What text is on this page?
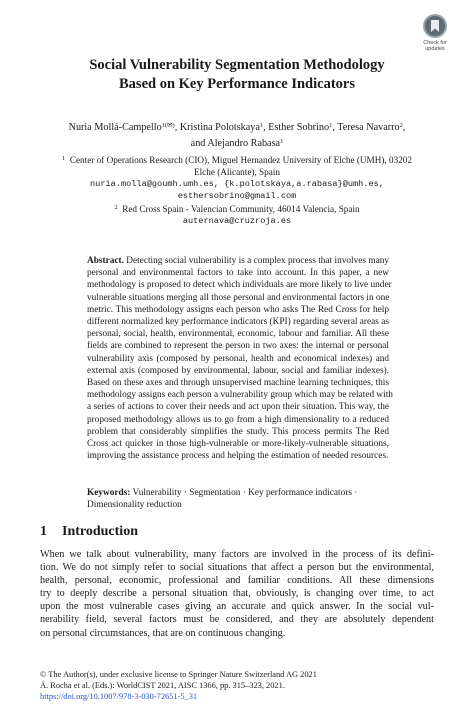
Check for
updates
Social Vulnerability Segmentation Methodology
Based on Key Performance Indicators
Nuria Mollá-Campello$^{1(✉)}$, Kristina Polotskaya$^1$, Esther Sobrino$^1$, Teresa Navarro$^2$,
and Alejandro Rabasa$^1$
$^1$ Center of Operations Research (CIO), Miguel Hernandez University of Elche (UMH), 03202
Elche (Alicante), Spain
nuria.molla@goumh.umh.es, {k.polotskaya,a.rabasa}@umh.es,
esthersobrino@gmail.com
$^2$ Red Cross Spain - Valencian Community, 46014 Valencia, Spain
auternava@cruzroja.es
Abstract. Detecting social vulnerability is a complex process that involves many
personal and environmental factors to take into account. In this paper, a new
methodology is proposed to detect which individuals are more likely to live under
vulnerable situations merging all those personal and environmental factors in one
metric. This methodology assigns each person who asks The Red Cross for help
different normalized key performance indicators (KPI) regarding several areas as
personal, social, health, environmental, economic, labour and familiar. All these
fields are combined to represent the person in two axes: the internal or personal
vulnerability axis (composed by personal, health and economical indexes) and
external axis (composed by environmental, labour, social and familiar indexes).
Based on these axes and through unsupervised machine learning techniques, this
methodology assigns each person a vulnerability group which may be related with
a series of actions to cover their needs and act upon their situation. This way, the
proposed methodology allows us to go from a high dimensionality to a reduced
problem that considerably simplifies the study. This process permits The Red
Cross act quicker in those high-vulnerable or more-likely-vulnerable situations,
improving the assistance process and helping the estimation of needed resources.
Keywords: Vulnerability · Segmentation · Key performance indicators ·
Dimensionality reduction
1 Introduction
When we talk about vulnerability, many factors are involved in the process of its defini-
tion. We do not simply refer to social situations that affect a person but the environmental,
health, personal, economic, professional and familiar conditions. All these dimensions
try to deeply describe a personal situation that, obviously, is changing over time, to act
upon the most vulnerable cases giving an accurate and quick answer. In the social vul-
nerability field, several factors must be considered, and they are absolutely dependent
on personal circumstances, that are on continuous changing.
© The Author(s), under exclusive license to Springer Nature Switzerland AG 2021
Á. Rocha et al. (Eds.): WorldCIST 2021, AISC 1366, pp. 315–323, 2021.
https://doi.org/10.1007/978-3-030-72651-5_31
